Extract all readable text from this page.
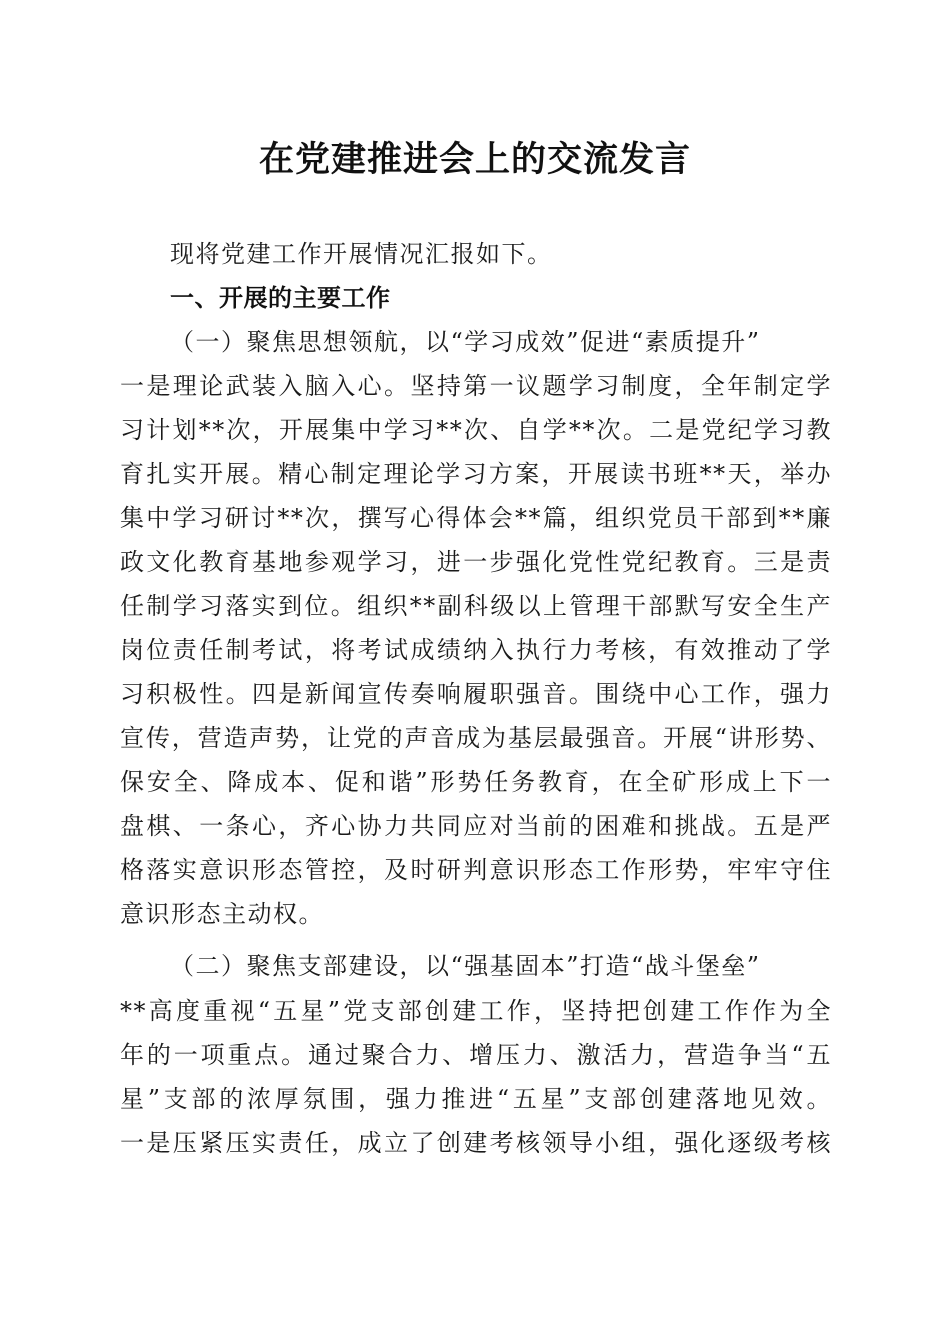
在党建推进会上的交流发言

现将党建工作开展情况汇报如下。

一、开展的主要工作

（一）聚焦思想领航，以“学习成效”促进“素质提升”

一是理论武装入脑入心。坚持第一议题学习制度，全年制定学

习计划**次，开展集中学习**次、自学**次。二是党纪学习教

育扎实开展。精心制定理论学习方案，开展读书班**天，举办

集中学习研讨**次，撰写心得体会**篇，组织党员干部到**廉

政文化教育基地参观学习，进一步强化党性党纪教育。三是责

任制学习落实到位。组织**副科级以上管理干部默写安全生产

岗位责任制考试，将考试成绩纳入执行力考核，有效推动了学

习积极性。四是新闻宣传奏响履职强音。围绕中心工作，强力

宣传，营造声势，让党的声音成为基层最强音。开展“讲形势、

保安全、降成本、促和谐”形势任务教育，在全矿形成上下一

盘棋、一条心，齐心协力共同应对当前的困难和挑战。五是严

格落实意识形态管控，及时研判意识形态工作形势，牢牢守住

意识形态主动权。

（二）聚焦支部建设，以“强基固本”打造“战斗堡垒”

**高度重视“五星”党支部创建工作，坚持把创建工作作为全

年的一项重点。通过聚合力、增压力、激活力，营造争当“五

星”支部的浓厚氛围，强力推进“五星”支部创建落地见效。

一是压紧压实责任，成立了创建考核领导小组，强化逐级考核
